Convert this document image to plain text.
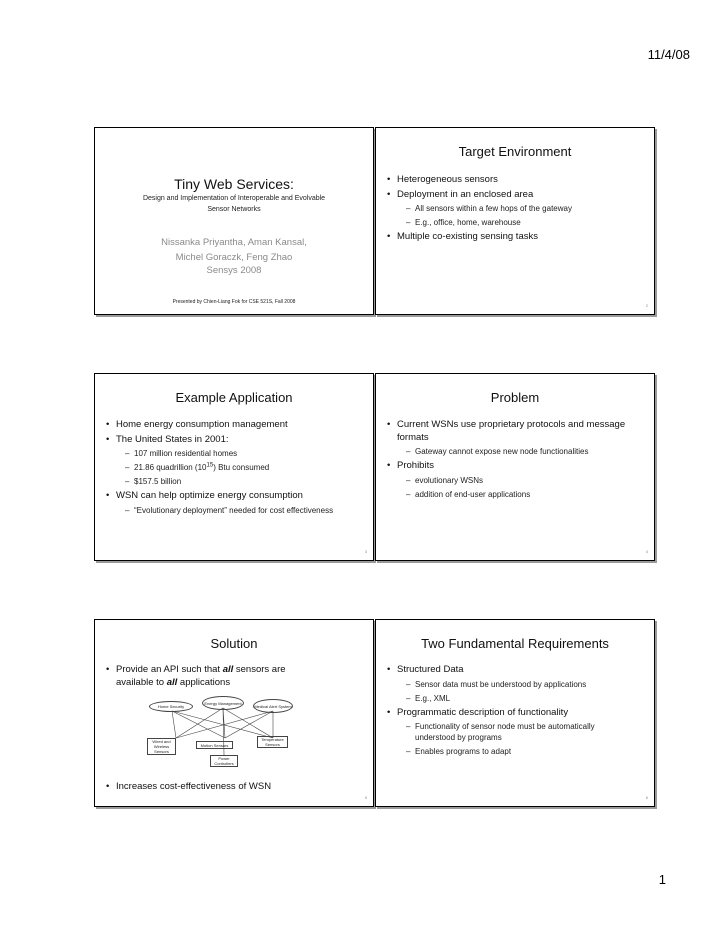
11/4/08
Tiny Web Services:
Design and Implementation of Interoperable and Evolvable
Sensor Networks
Nissanka Priyantha, Aman Kansal,
Michel Goraczk, Feng Zhao
Sensys 2008
Presented by Chien-Liang Fok for CSE 521S, Fall 2008
Target Environment
• Heterogeneous sensors
• Deployment in an enclosed area
– All sensors within a few hops of the gateway
– E.g., office, home, warehouse
• Multiple co-existing sensing tasks
2
Example Application
• Home energy consumption management
• The United States in 2001:
– 107 million residential homes
– 21.86 quadrillion $(10^{15})$ Btu consumed
– $157.5 billion
• WSN can help optimize energy consumption
– “Evolutionary deployment” needed for cost effectiveness
3
Problem
• Current WSNs use proprietary protocols and message formats
– Gateway cannot expose new node functionalities
• Prohibits
– evolutionary WSNs
– addition of end-user applications
4
Solution
• Provide an API such that all sensors are available to all applications
Energy Management
Home Security	Medical Alert System
Wired and Wireless Sensors
Motion Sensors
Temperature Sensors
Power Controllers
• Increases cost-effectiveness of WSN
5
Two Fundamental Requirements
• Structured Data
– Sensor data must be understood by applications
– E.g., XML
• Programmatic description of functionality
– Functionality of sensor node must be automatically understood by programs
– Enables programs to adapt
6
1
